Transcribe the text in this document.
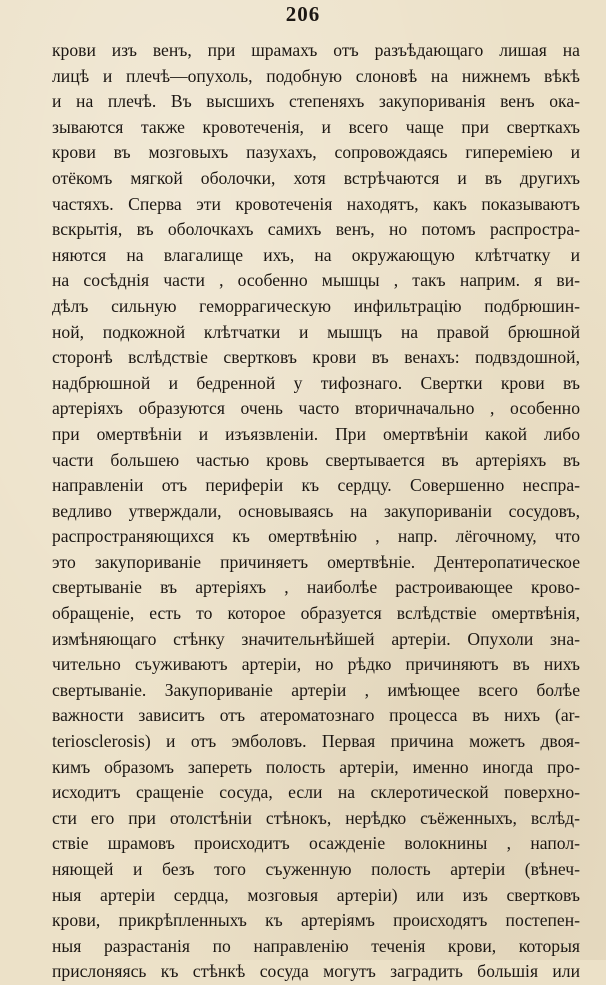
206
крови изъ венъ, при шрамахъ отъ разъѣдающаго лишая на
лицѣ и плечѣ—опухоль, подобную слоновѣ на нижнемъ вѣкѣ
и на плечѣ. Въ высшихъ степеняхъ закупориванія венъ ока-
зываются также кровотеченія, и всего чаще при сверткахъ
крови въ мозговыхъ пазухахъ, сопровождаясь гиперемiею и
отёкомъ мягкой оболочки, хотя встрѣчаются и въ другихъ
частяхъ. Сперва эти кровотеченія находятъ, какъ показываютъ
вскрытія, въ оболочкахъ самихъ венъ, но потомъ распростра-
няются на влагалище ихъ, на окружающую клѣтчатку и
на сосѣднія части , особенно мышцы , такъ наприм. я ви-
дѣлъ сильную геморрагическую инфильтрацію подбрюшин-
ной, подкожной клѣтчатки и мышцъ на правой брюшной
сторонѣ вслѣдствіе свертковъ крови въ венахъ: подвздошной,
надбрюшной и бедренной у тифознаго. Свертки крови въ
артеріяхъ образуются очень часто вторичначально , особенно
при омертвѣніи и изъязвленіи. При омертвѣніи какой либо
части большею частью кровь свертывается въ артеріяхъ въ
направленіи отъ периферіи къ сердцу. Совершенно неспра-
ведливо утверждали, основываясь на закупориваніи сосудовъ,
распространяющихся къ омертвѣнію , напр. лёгочному, что
это закупориваніе причиняетъ омертвѣніе. Дентеропатическое
свертываніе въ артеріяхъ , наиболѣе растроивающее крово-
обращеніе, есть то которое образуется вслѣдствіе омертвѣнія,
измѣняющаго стѣнку значительнѣйшей артеріи. Опухоли зна-
чительно съуживаютъ артеріи, но рѣдко причиняютъ въ нихъ
свертываніе. Закупориваніе артеріи , имѣющее всего болѣе
важности зависитъ отъ атероматознаго процесса въ нихъ (ar-
teriosclerosis) и отъ эмболовъ. Первая причина можетъ двоя-
кимъ образомъ запереть полость артеріи, именно иногда про-
исходитъ сращеніе сосуда, если на склеротической поверхно-
сти его при отолстѣніи стѣнокъ, нерѣдко съёженныхъ, вслѣд-
ствіе шрамовъ происходитъ осажденіе волокнины , напол-
няющей и безъ того съуженную полость артеріи (вѣнеч-
ныя артеріи сердца, мозговыя артеріи) или изъ свертковъ
крови, прикрѣпленныхъ къ артеріямъ происходятъ постепен-
ныя разрастанія по направленію теченія крови, которыя
прислоняясь къ стѣнкѣ сосуда могутъ заградить большія или
